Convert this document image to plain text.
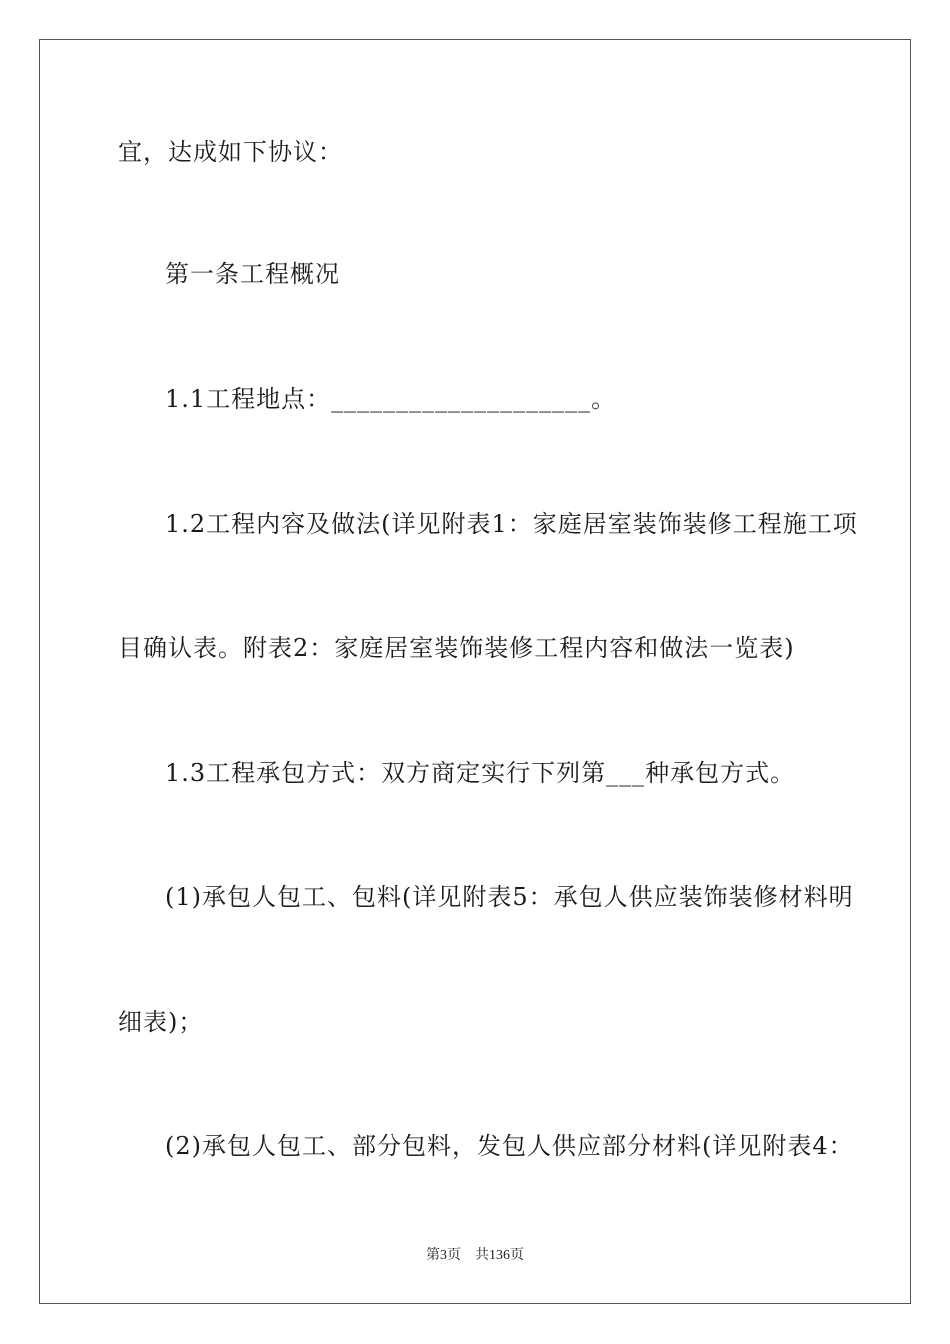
宜，达成如下协议：
第一条工程概况
1.1工程地点：____________________。
1.2工程内容及做法(详见附表1：家庭居室装饰装修工程施工项
目确认表。附表2：家庭居室装饰装修工程内容和做法一览表)
1.3工程承包方式：双方商定实行下列第___种承包方式。
(1)承包人包工、包料(详见附表5：承包人供应装饰装修材料明
细表)；
(2)承包人包工、部分包料，发包人供应部分材料(详见附表4：
第3页 共136页
